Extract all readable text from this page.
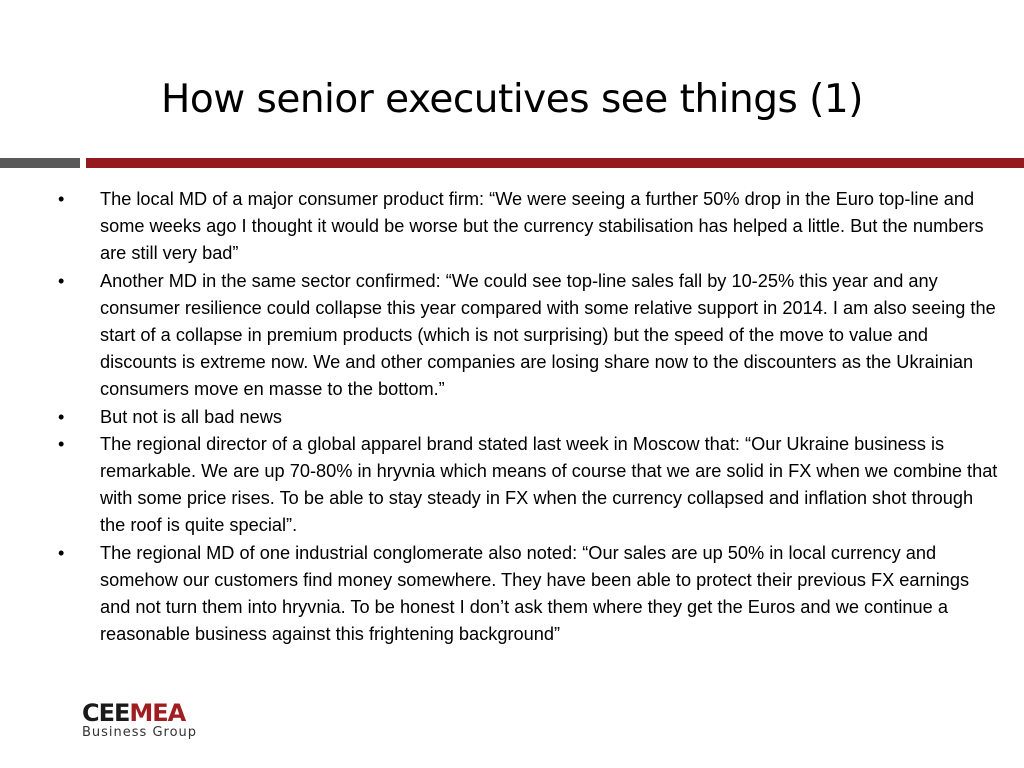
How senior executives see things (1)
•	The local MD of a major consumer product firm: “We were seeing a further 50% drop in the Euro top-line and some weeks ago I thought it would be worse but the currency stabilisation has helped a little. But the numbers are still very bad”
•	Another MD in the same sector confirmed: “We could see top-line sales fall by 10-25% this year and any consumer resilience could collapse this year compared with some relative support in 2014. I am also seeing the start of a collapse in premium products (which is not surprising) but the speed of the move to value and discounts is extreme now. We and other companies are losing share now to the discounters as the Ukrainian consumers move en masse to the bottom.”
•	But not is all bad news
•	The regional director of a global apparel brand stated last week in Moscow that: “Our Ukraine business is remarkable. We are up 70-80% in hryvnia which means of course that we are solid in FX when we combine that with some price rises. To be able to stay steady in FX when the currency collapsed and inflation shot through the roof is quite special”.
•	The regional MD of one industrial conglomerate also noted: “Our sales are up 50% in local currency and somehow our customers find money somewhere. They have been able to protect their previous FX earnings and not turn them into hryvnia. To be honest I don’t ask them where they get the Euros and we continue a reasonable business against this frightening background”
CEEMEA
Business Group
